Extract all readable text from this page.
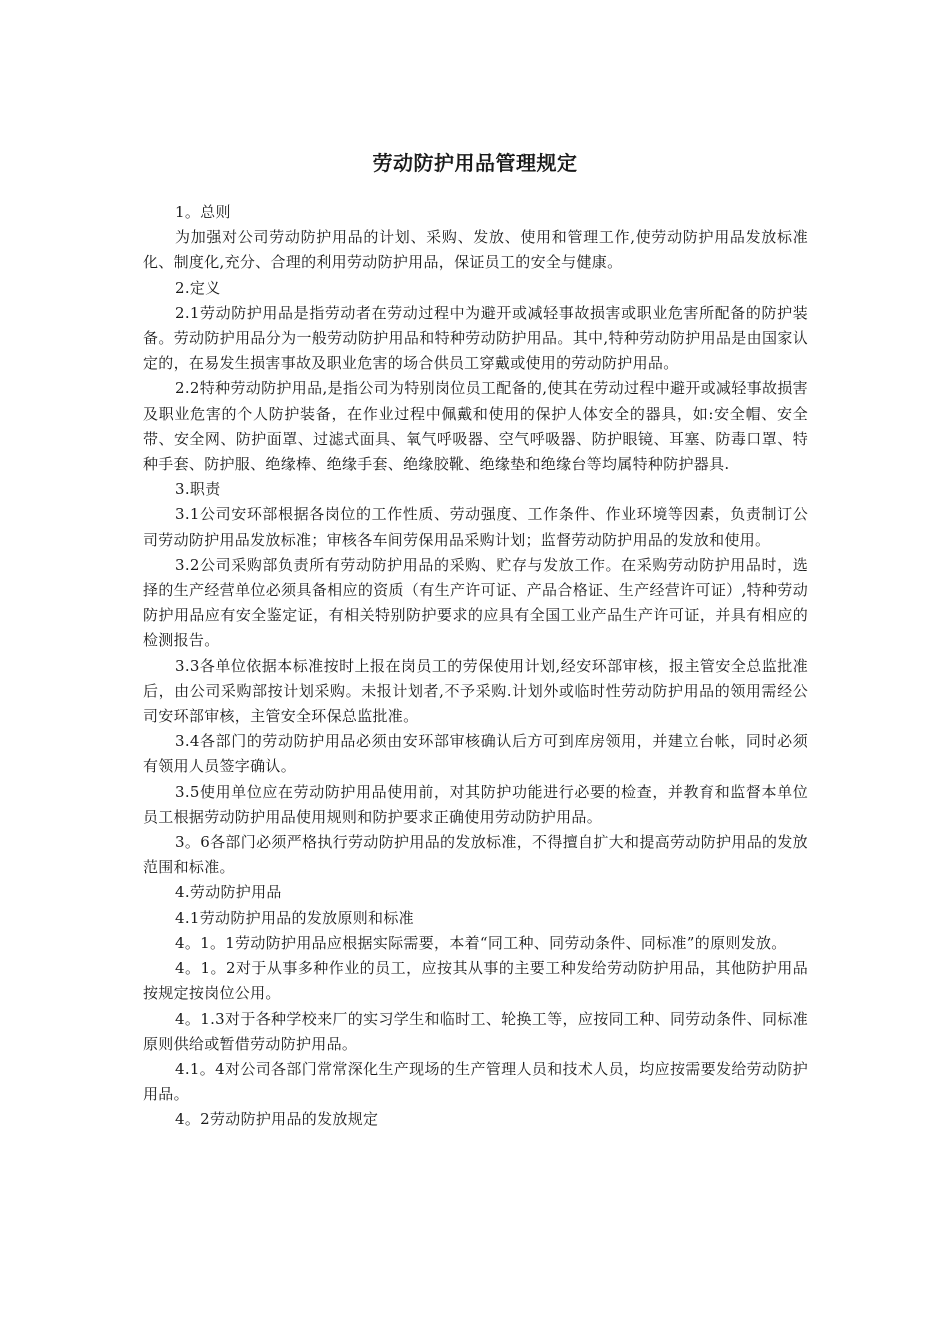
劳动防护用品管理规定

1。总则

为加强对公司劳动防护用品的计划、采购、发放、使用和管理工作,使劳动防护用品发放标准化、制度化,充分、合理的利用劳动防护用品，保证员工的安全与健康。

2.定义

2.1劳动防护用品是指劳动者在劳动过程中为避开或减轻事故损害或职业危害所配备的防护装备。劳动防护用品分为一般劳动防护用品和特种劳动防护用品。其中,特种劳动防护用品是由国家认定的，在易发生损害事故及职业危害的场合供员工穿戴或使用的劳动防护用品。

2.2特种劳动防护用品,是指公司为特别岗位员工配备的,使其在劳动过程中避开或减轻事故损害及职业危害的个人防护装备，在作业过程中佩戴和使用的保护人体安全的器具，如:安全帽、安全带、安全网、防护面罩、过滤式面具、氧气呼吸器、空气呼吸器、防护眼镜、耳塞、防毒口罩、特种手套、防护服、绝缘棒、绝缘手套、绝缘胶靴、绝缘垫和绝缘台等均属特种防护器具.

3.职责

3.1公司安环部根据各岗位的工作性质、劳动强度、工作条件、作业环境等因素，负责制订公司劳动防护用品发放标准；审核各车间劳保用品采购计划；监督劳动防护用品的发放和使用。

3.2公司采购部负责所有劳动防护用品的采购、贮存与发放工作。在采购劳动防护用品时，选择的生产经营单位必须具备相应的资质（有生产许可证、产品合格证、生产经营许可证）,特种劳动防护用品应有安全鉴定证，有相关特别防护要求的应具有全国工业产品生产许可证，并具有相应的检测报告。

3.3各单位依据本标准按时上报在岗员工的劳保使用计划,经安环部审核，报主管安全总监批准后，由公司采购部按计划采购。未报计划者,不予采购.计划外或临时性劳动防护用品的领用需经公司安环部审核，主管安全环保总监批准。

3.4各部门的劳动防护用品必须由安环部审核确认后方可到库房领用，并建立台帐，同时必须有领用人员签字确认。

3.5使用单位应在劳动防护用品使用前，对其防护功能进行必要的检查，并教育和监督本单位员工根据劳动防护用品使用规则和防护要求正确使用劳动防护用品。

3。6各部门必须严格执行劳动防护用品的发放标准，不得擅自扩大和提高劳动防护用品的发放范围和标准。

4.劳动防护用品

4.1劳动防护用品的发放原则和标准

4。1。1劳动防护用品应根据实际需要，本着“同工种、同劳动条件、同标准”的原则发放。

4。1。2对于从事多种作业的员工，应按其从事的主要工种发给劳动防护用品，其他防护用品按规定按岗位公用。

4。1.3对于各种学校来厂的实习学生和临时工、轮换工等，应按同工种、同劳动条件、同标准原则供给或暂借劳动防护用品。

4.1。4对公司各部门常常深化生产现场的生产管理人员和技术人员，均应按需要发给劳动防护用品。

4。2劳动防护用品的发放规定
